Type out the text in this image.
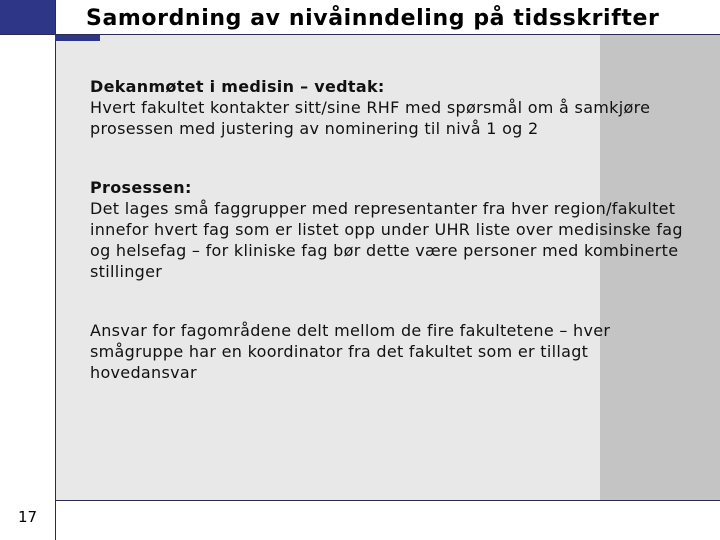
Samordning av nivåinndeling på tidsskrifter
Dekanmøtet i medisin – vedtak:
Hvert fakultet kontakter sitt/sine RHF med spørsmål om å samkjøre prosessen med justering av nominering til nivå 1 og 2
Prosessen:
Det lages små faggrupper med representanter fra hver region/fakultet innefor hvert fag som er listet opp under UHR liste over medisinske fag og helsefag – for kliniske fag bør dette være personer med kombinerte stillinger
Ansvar for fagområdene delt mellom de fire fakultetene – hver smågruppe har en koordinator fra det fakultet som er tillagt hovedansvar
17
